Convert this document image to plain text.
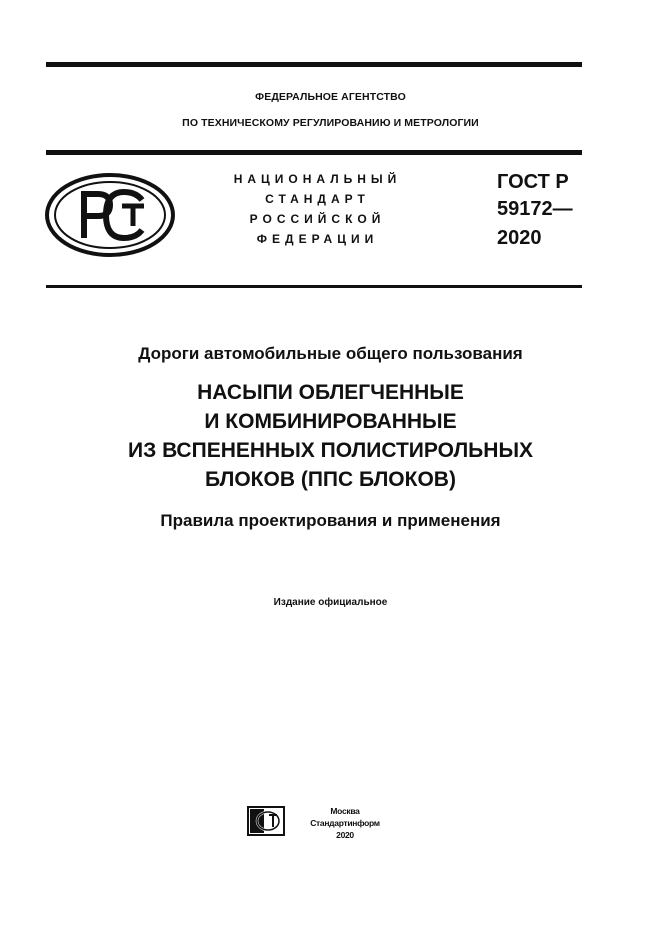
ФЕДЕРАЛЬНОЕ АГЕНТСТВО
ПО ТЕХНИЧЕСКОМУ РЕГУЛИРОВАНИЮ И МЕТРОЛОГИИ
НАЦИОНАЛЬНЫЙ
СТАНДАРТ
РОССИЙСКОЙ
ФЕДЕРАЦИИ
ГОСТ Р
59172—
2020
Дороги автомобильные общего пользования
НАСЫПИ ОБЛЕГЧЕННЫЕ
И КОМБИНИРОВАННЫЕ
ИЗ ВСПЕНЕННЫХ ПОЛИСТИРОЛЬНЫХ
БЛОКОВ (ППС БЛОКОВ)
Правила проектирования и применения
Издание официальное
Москва
Стандартинформ
2020
